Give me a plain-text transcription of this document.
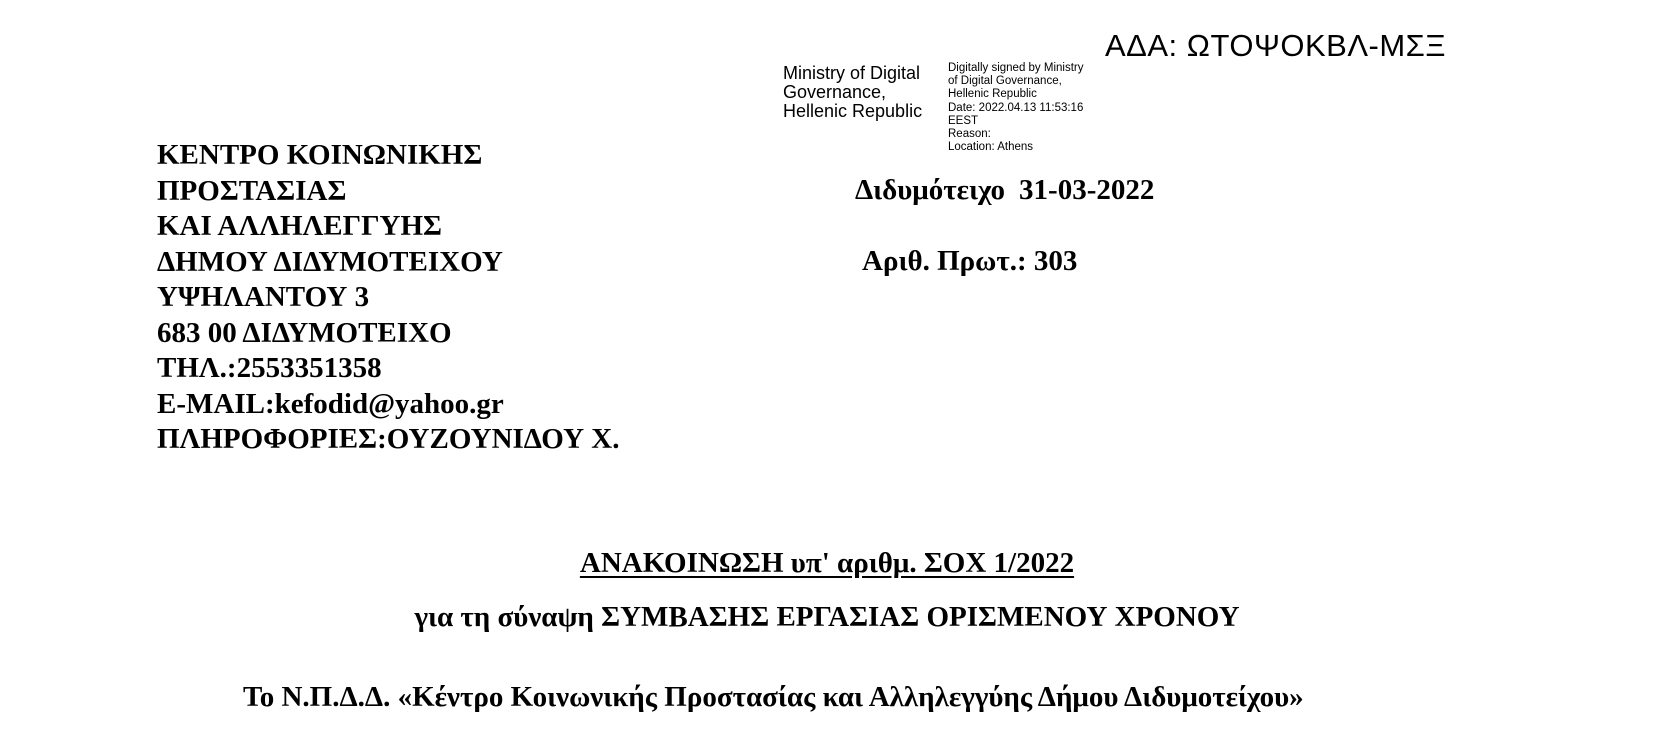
ΑΔΑ: ΩΤΟΨΟΚΒΛ-ΜΣΞ
Ministry of Digital
Governance,
Hellenic Republic
Digitally signed by Ministry
of Digital Governance,
Hellenic Republic
Date: 2022.04.13 11:53:16
EEST
Reason:
Location: Athens
ΚΕΝΤΡΟ ΚΟΙΝΩΝΙΚΗΣ
ΠΡΟΣΤΑΣΙΑΣ
ΚΑΙ ΑΛΛΗΛΕΓΓΥΗΣ
ΔΗΜΟΥ ΔΙΔΥΜΟΤΕΙΧΟΥ
ΥΨΗΛΑΝΤΟΥ 3
683 00 ΔΙΔΥΜΟΤΕΙΧΟ
ΤΗΛ.:2553351358
E-MAIL:kefodid@yahoo.gr
ΠΛΗΡΟΦΟΡΙΕΣ:ΟΥΖΟΥΝΙΔΟΥ Χ.
Διδυμότειχο 31-03-2022
Αριθ. Πρωτ.: 303
ΑΝΑΚΟΙΝΩΣΗ υπ' αριθμ. ΣΟΧ 1/2022
για τη σύναψη ΣΥΜΒΑΣΗΣ ΕΡΓΑΣΙΑΣ ΟΡΙΣΜΕΝΟΥ ΧΡΟΝΟΥ
Το Ν.Π.Δ.Δ. «Κέντρο Κοινωνικής Προστασίας και Αλληλεγγύης Δήμου Διδυμοτείχου»
